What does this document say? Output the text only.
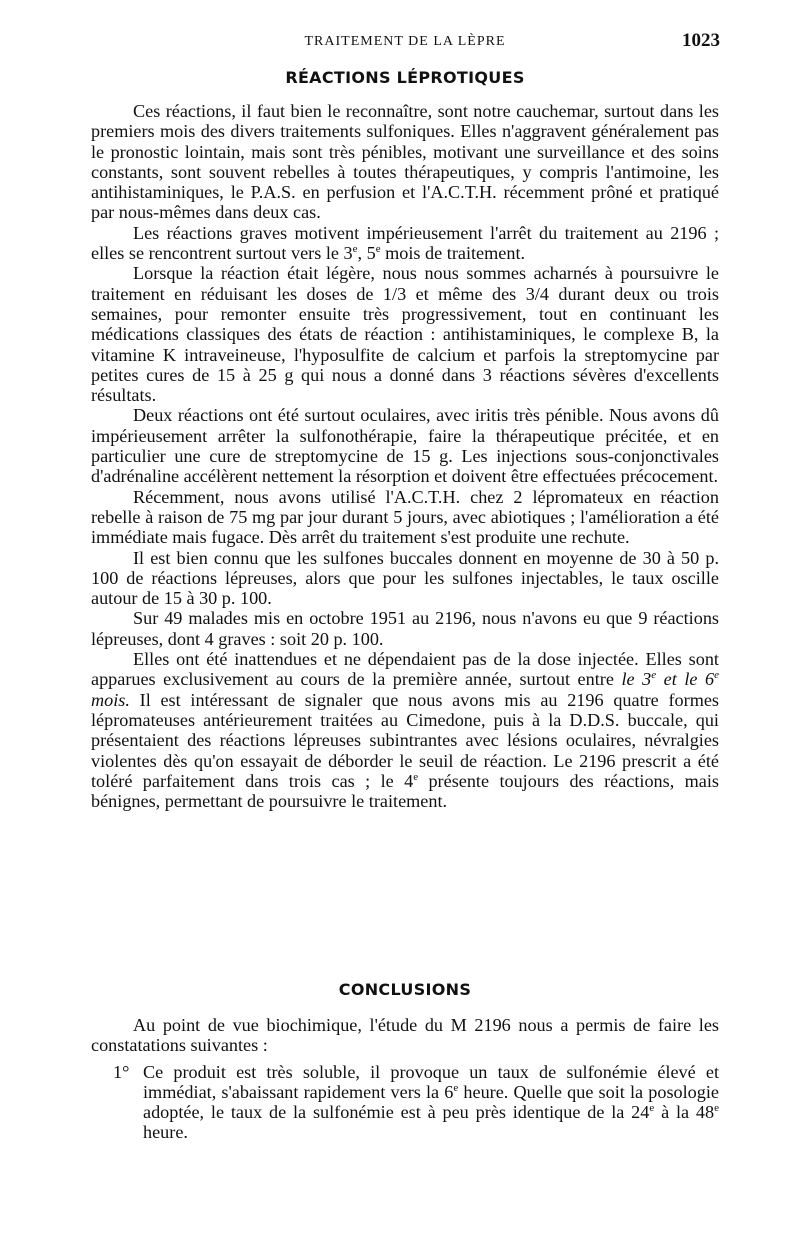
TRAITEMENT DE LA LÈPRE	1023
RÉACTIONS LÉPROTIQUES

Ces réactions, il faut bien le reconnaître, sont notre cauchemar, surtout dans les premiers mois des divers traitements sulfoniques. Elles n'aggravent généralement pas le pronostic lointain, mais sont très pénibles, motivant une surveillance et des soins constants, sont souvent rebelles à toutes thérapeutiques, y compris l'antimoine, les antihistaminiques, le P.A.S. en perfusion et l'A.C.T.H. récemment prôné et pratiqué par nous-mêmes dans deux cas.

Les réactions graves motivent impérieusement l'arrêt du traitement au 2196 ; elles se rencontrent surtout vers le 3e, 5e mois de traitement.

Lorsque la réaction était légère, nous nous sommes acharnés à poursuivre le traitement en réduisant les doses de 1/3 et même des 3/4 durant deux ou trois semaines, pour remonter ensuite très progressivement, tout en continuant les médications classiques des états de réaction : antihistaminiques, le complexe B, la vitamine K intraveineuse, l'hyposulfite de calcium et parfois la streptomycine par petites cures de 15 à 25 g qui nous a donné dans 3 réactions sévères d'excellents résultats.

Deux réactions ont été surtout oculaires, avec iritis très pénible. Nous avons dû impérieusement arrêter la sulfonothérapie, faire la thérapeutique précitée, et en particulier une cure de streptomycine de 15 g. Les injections sous-conjonctivales d'adrénaline accélèrent nettement la résorption et doivent être effectuées précocement.

Récemment, nous avons utilisé l'A.C.T.H. chez 2 lépromateux en réaction rebelle à raison de 75 mg par jour durant 5 jours, avec abiotiques ; l'amélioration a été immédiate mais fugace. Dès arrêt du traitement s'est produite une rechute.

Il est bien connu que les sulfones buccales donnent en moyenne de 30 à 50 p. 100 de réactions lépreuses, alors que pour les sulfones injectables, le taux oscille autour de 15 à 30 p. 100.

Sur 49 malades mis en octobre 1951 au 2196, nous n'avons eu que 9 réactions lépreuses, dont 4 graves : soit 20 p. 100.

Elles ont été inattendues et ne dépendaient pas de la dose injectée. Elles sont apparues exclusivement au cours de la première année, surtout entre le 3e et le 6e mois. Il est intéressant de signaler que nous avons mis au 2196 quatre formes lépromateuses antérieurement traitées au Cimedone, puis à la D.D.S. buccale, qui présentaient des réactions lépreuses subintrantes avec lésions oculaires, névralgies violentes dès qu'on essayait de déborder le seuil de réaction. Le 2196 prescrit a été toléré parfaitement dans trois cas ; le 4e présente toujours des réactions, mais bénignes, permettant de poursuivre le traitement.

CONCLUSIONS

Au point de vue biochimique, l'étude du M 2196 nous a permis de faire les constatations suivantes :

1° Ce produit est très soluble, il provoque un taux de sulfonémie élevé et immédiat, s'abaissant rapidement vers la 6e heure. Quelle que soit la posologie adoptée, le taux de la sulfonémie est à peu près identique de la 24e à la 48e heure.
